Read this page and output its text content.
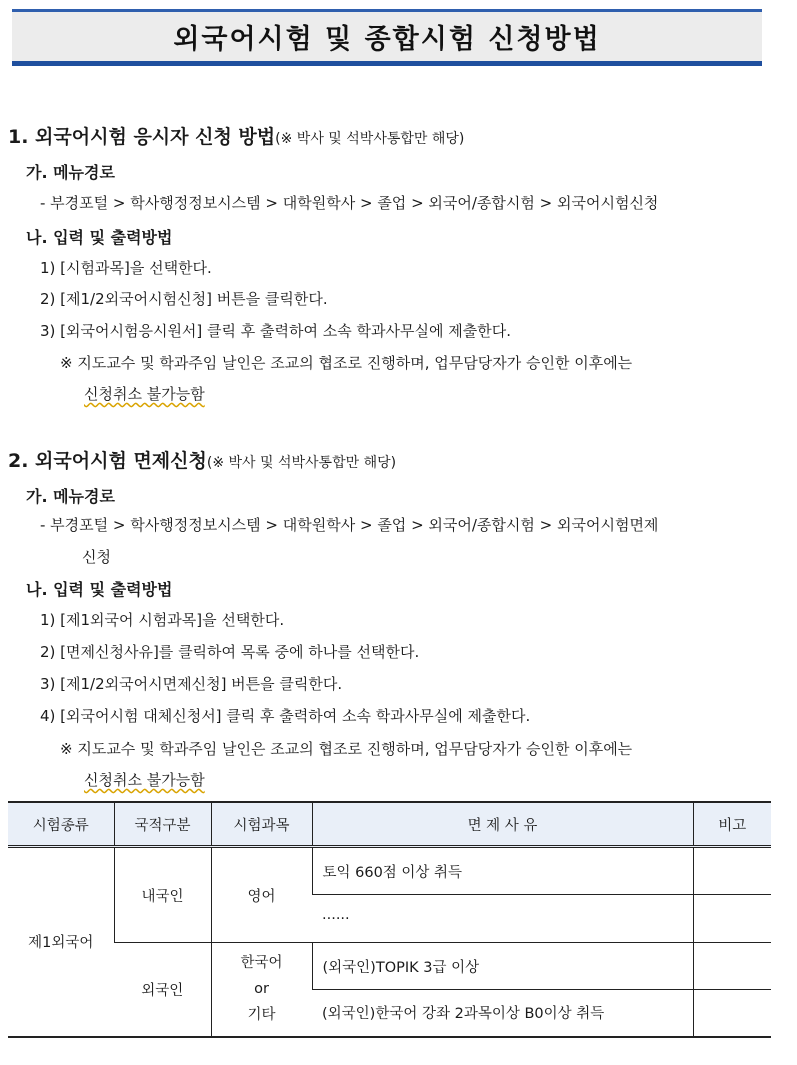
외국어시험 및 종합시험 신청방법
1. 외국어시험 응시자 신청 방법(※ 박사 및 석박사통합만 해당)
가. 메뉴경로
- 부경포털 > 학사행정정보시스템 > 대학원학사 > 졸업 > 외국어/종합시험 > 외국어시험신청
나. 입력 및 출력방법
1) [시험과목]을 선택한다.
2) [제1/2외국어시험신청] 버튼을 클릭한다.
3) [외국어시험응시원서] 클릭 후 출력하여 소속 학과사무실에 제출한다.
※ 지도교수 및 학과주임 날인은 조교의 협조로 진행하며, 업무담당자가 승인한 이후에는
신청취소 불가능함
2. 외국어시험 면제신청(※ 박사 및 석박사통합만 해당)
가. 메뉴경로
- 부경포털 > 학사행정정보시스템 > 대학원학사 > 졸업 > 외국어/종합시험 > 외국어시험면제
신청
나. 입력 및 출력방법
1) [제1외국어 시험과목]을 선택한다.
2) [면제신청사유]를 클릭하여 목록 중에 하나를 선택한다.
3) [제1/2외국어시면제신청] 버튼을 클릭한다.
4) [외국어시험 대체신청서] 클릭 후 출력하여 소속 학과사무실에 제출한다.
※ 지도교수 및 학과주임 날인은 조교의 협조로 진행하며, 업무담당자가 승인한 이후에는
신청취소 불가능함
시험종류	국적구분	시험과목	면 제 사 유	비고
제1외국어	내국인	영어	토익 660점 이상 취득	
			······	
	외국인	한국어
or
기타	(외국인)TOPIK 3급 이상	
			(외국인)한국어 강좌 2과목이상 B0이상 취득	
